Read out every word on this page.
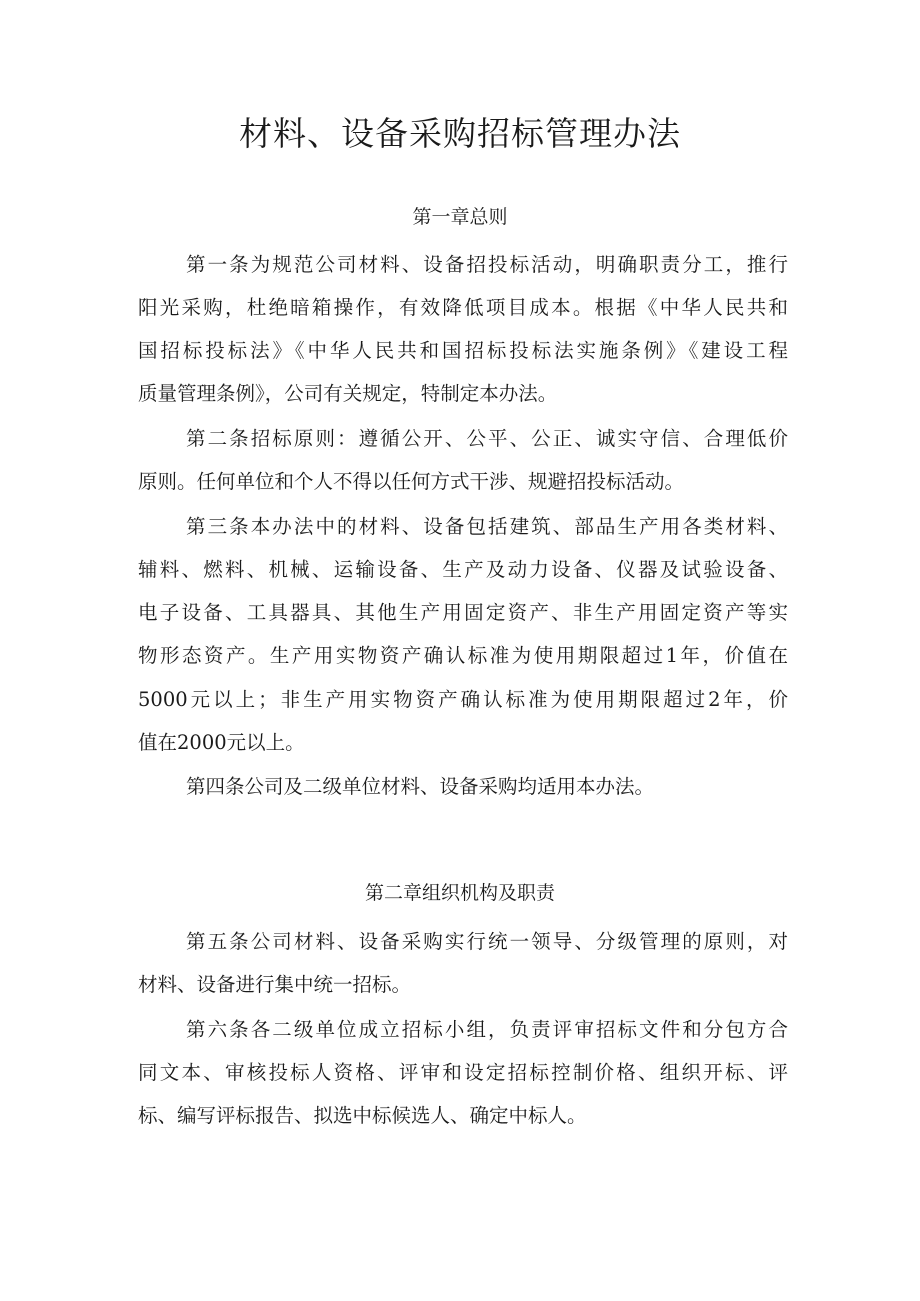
材料、设备采购招标管理办法
第一章总则
第一条为规范公司材料、设备招投标活动，明确职责分工，推行
阳光采购，杜绝暗箱操作，有效降低项目成本。根据《中华人民共和
国招标投标法》《中华人民共和国招标投标法实施条例》《建设工程
质量管理条例》，公司有关规定，特制定本办法。
第二条招标原则：遵循公开、公平、公正、诚实守信、合理低价
原则。任何单位和个人不得以任何方式干涉、规避招投标活动。
第三条本办法中的材料、设备包括建筑、部品生产用各类材料、
辅料、燃料、机械、运输设备、生产及动力设备、仪器及试验设备、
电子设备、工具器具、其他生产用固定资产、非生产用固定资产等实
物形态资产。生产用实物资产确认标准为使用期限超过1年，价值在
5000元以上；非生产用实物资产确认标准为使用期限超过2年，价
值在2000元以上。
第四条公司及二级单位材料、设备采购均适用本办法。
第二章组织机构及职责
第五条公司材料、设备采购实行统一领导、分级管理的原则，对
材料、设备进行集中统一招标。
第六条各二级单位成立招标小组，负责评审招标文件和分包方合
同文本、审核投标人资格、评审和设定招标控制价格、组织开标、评
标、编写评标报告、拟选中标候选人、确定中标人。
